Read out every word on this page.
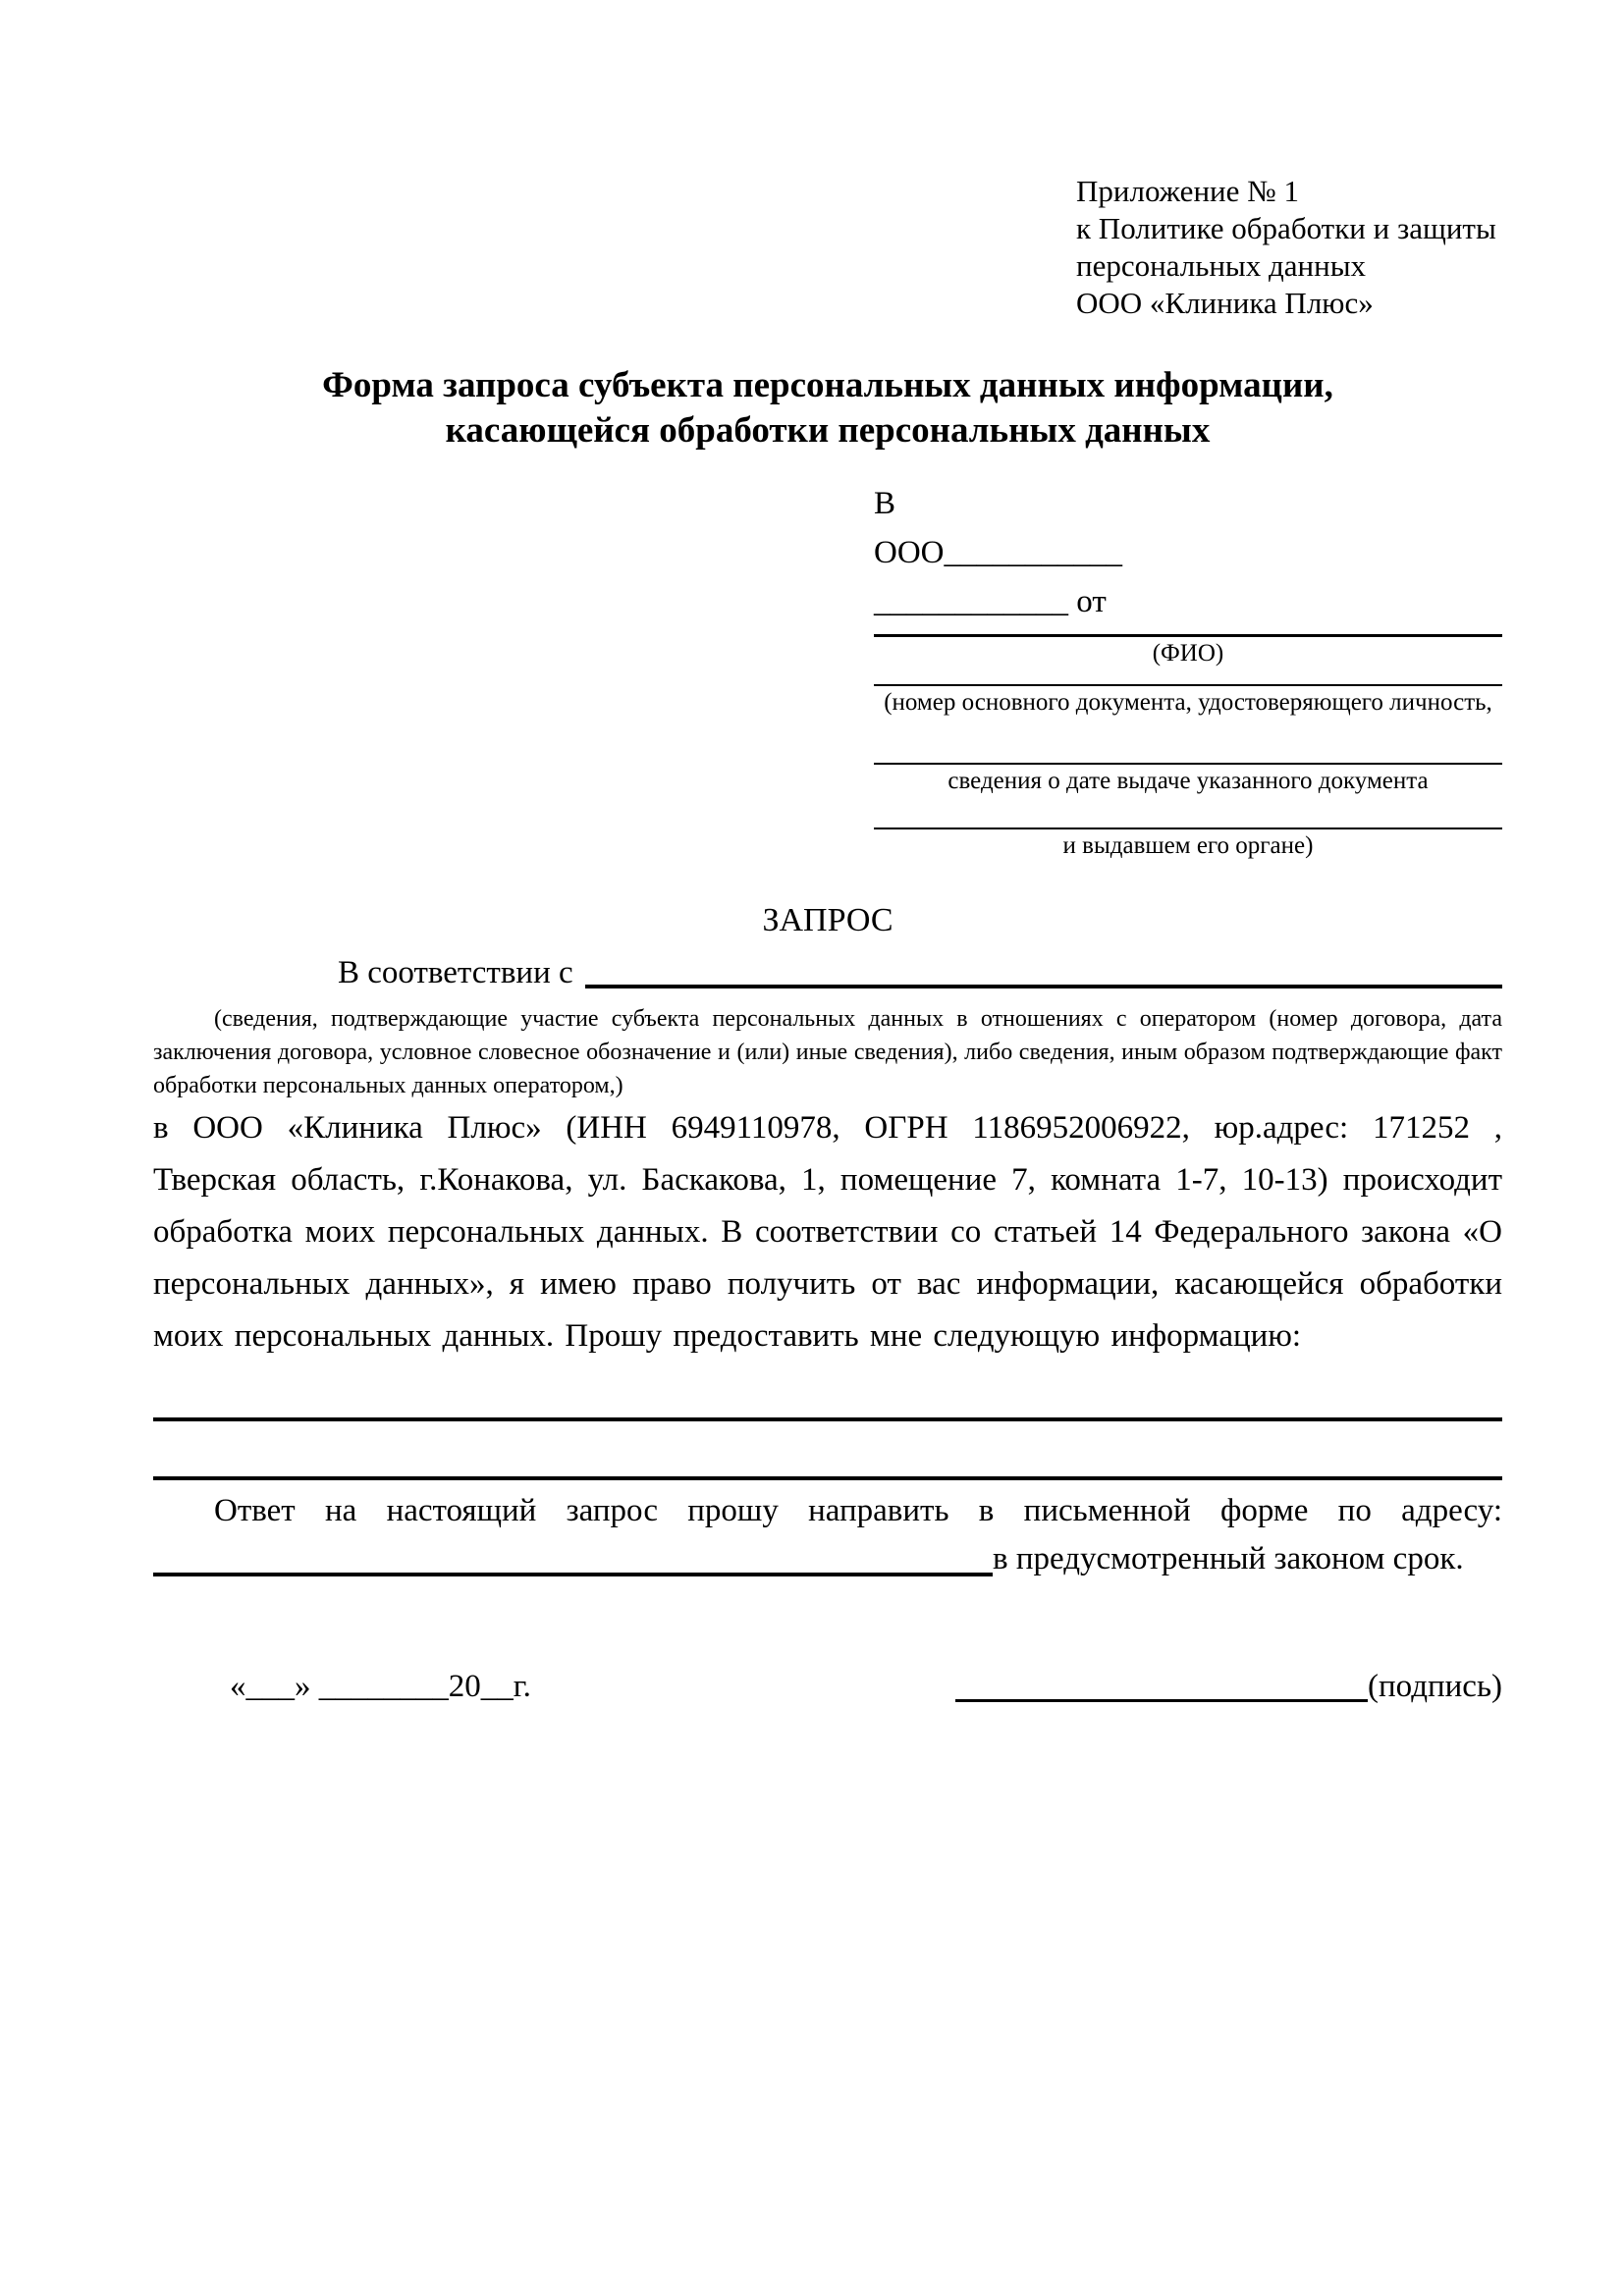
Приложение № 1
к Политике обработки и защиты
персональных данных
ООО «Клиника Плюс»
Форма запроса субъекта персональных данных информации,
касающейся обработки персональных данных
В
ООО___________
____________ от
(ФИО)
(номер основного документа, удостоверяющего личность,
сведения о дате выдаче указанного документа
и выдавшем его органе)
ЗАПРОС
В соответствии с
(сведения, подтверждающие участие субъекта персональных данных в отношениях с оператором (номер договора, дата заключения договора, условное словесное обозначение и (или) иные сведения), либо сведения, иным образом подтверждающие факт обработки персональных данных оператором,)
в ООО «Клиника Плюс» (ИНН 6949110978, ОГРН 1186952006922, юр.адрес: 171252 , Тверская область, г.Конакова, ул. Баскакова, 1, помещение 7, комната 1-7, 10-13) происходит обработка моих персональных данных. В соответствии со статьей 14 Федерального закона «О персональных данных», я имею право получить от вас информации, касающейся обработки моих персональных данных. Прошу предоставить мне следующую информацию:
Ответ на настоящий запрос прошу направить в письменной форме по адресу:
в предусмотренный законом срок.
«___» ________20__г.	(подпись)
